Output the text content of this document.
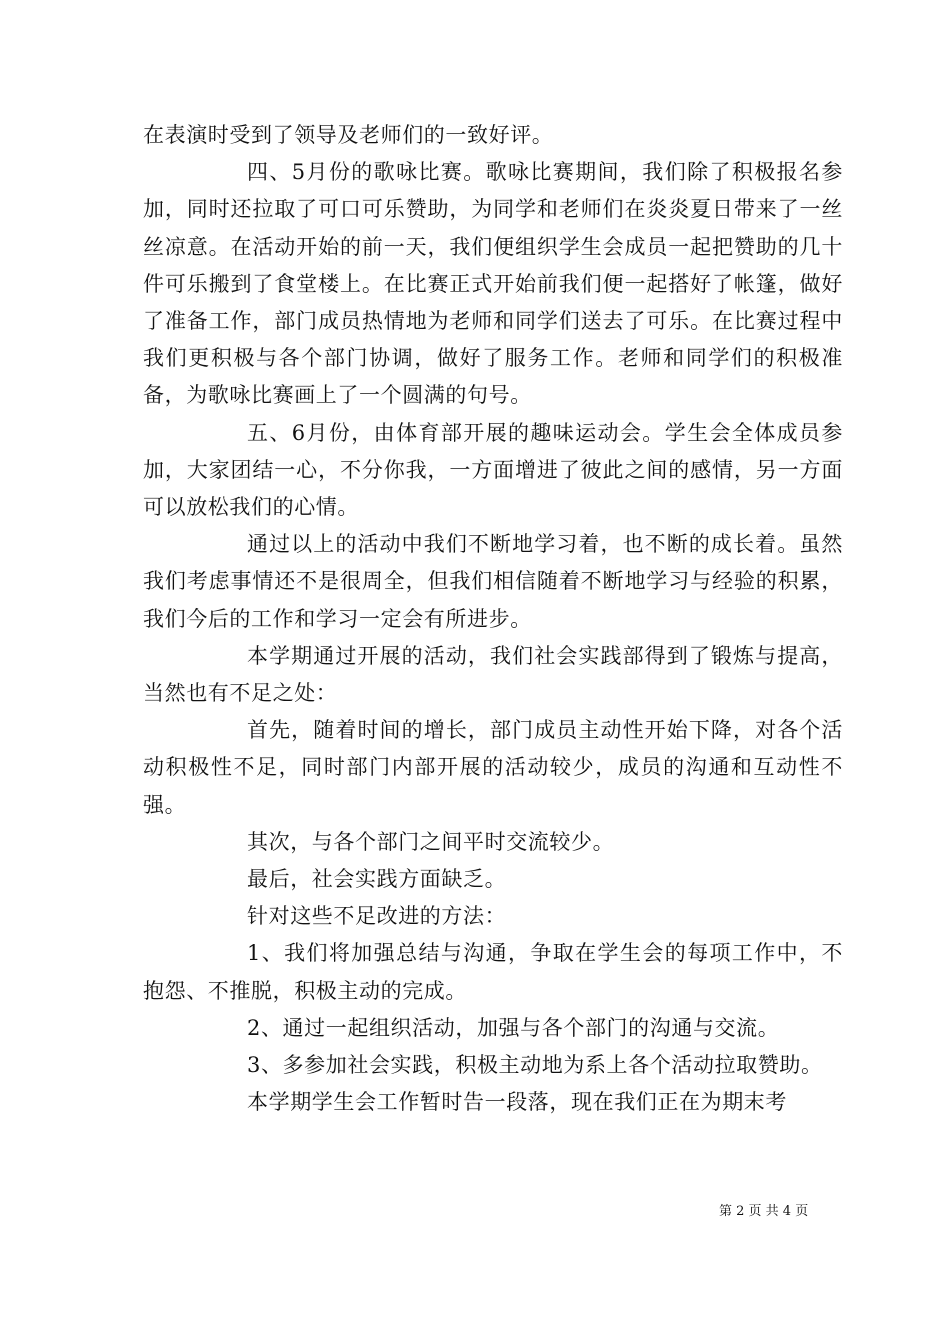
在表演时受到了领导及老师们的一致好评。

四、5月份的歌咏比赛。歌咏比赛期间，我们除了积极报名参加，同时还拉取了可口可乐赞助，为同学和老师们在炎炎夏日带来了一丝丝凉意。在活动开始的前一天，我们便组织学生会成员一起把赞助的几十件可乐搬到了食堂楼上。在比赛正式开始前我们便一起搭好了帐篷，做好了准备工作，部门成员热情地为老师和同学们送去了可乐。在比赛过程中我们更积极与各个部门协调，做好了服务工作。老师和同学们的积极准备，为歌咏比赛画上了一个圆满的句号。

五、6月份，由体育部开展的趣味运动会。学生会全体成员参加，大家团结一心，不分你我，一方面增进了彼此之间的感情，另一方面可以放松我们的心情。

通过以上的活动中我们不断地学习着，也不断的成长着。虽然我们考虑事情还不是很周全，但我们相信随着不断地学习与经验的积累，我们今后的工作和学习一定会有所进步。

本学期通过开展的活动，我们社会实践部得到了锻炼与提高，当然也有不足之处：

首先，随着时间的增长，部门成员主动性开始下降，对各个活动积极性不足，同时部门内部开展的活动较少，成员的沟通和互动性不强。

其次，与各个部门之间平时交流较少。

最后，社会实践方面缺乏。

针对这些不足改进的方法：

1、我们将加强总结与沟通，争取在学生会的每项工作中，不抱怨、不推脱，积极主动的完成。

2、通过一起组织活动，加强与各个部门的沟通与交流。

3、多参加社会实践，积极主动地为系上各个活动拉取赞助。

本学期学生会工作暂时告一段落，现在我们正在为期末考

第 2 页 共 4 页
